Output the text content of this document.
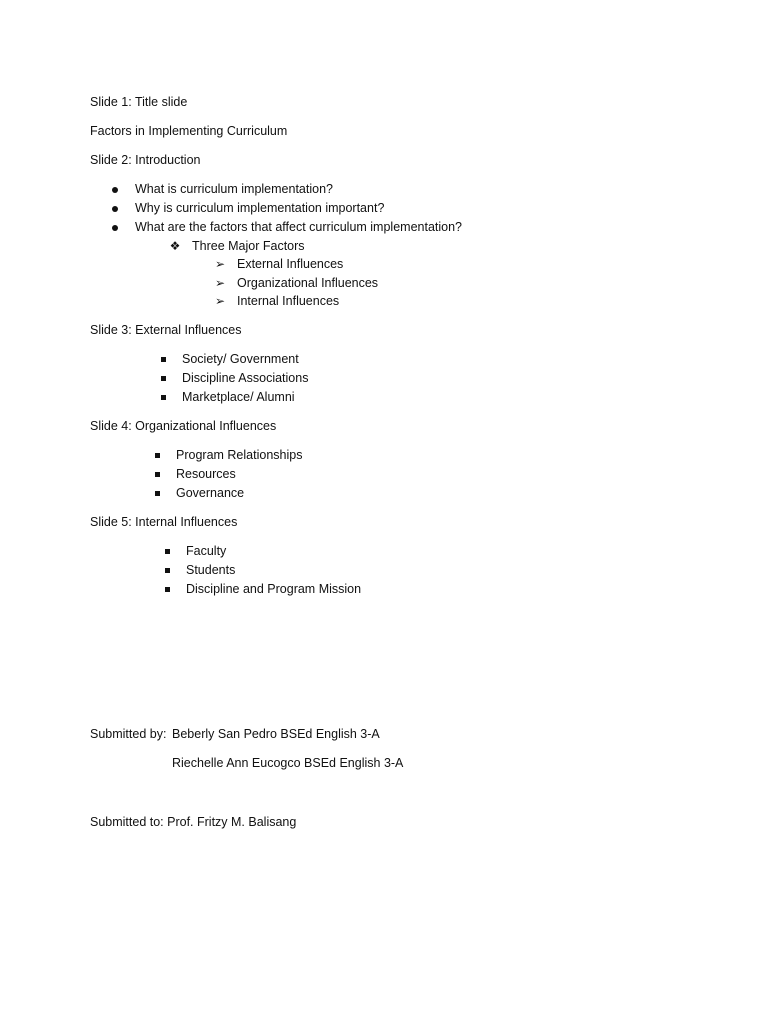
Slide 1: Title slide
Factors in Implementing Curriculum
Slide 2: Introduction
What is curriculum implementation?
Why is curriculum implementation important?
What are the factors that affect curriculum implementation?
❖ Three Major Factors
➢ External Influences
➢ Organizational Influences
➢ Internal Influences
Slide 3: External Influences
Society/ Government
Discipline Associations
Marketplace/ Alumni
Slide 4: Organizational Influences
Program Relationships
Resources
Governance
Slide 5: Internal Influences
Faculty
Students
Discipline and Program Mission
Submitted by: Beberly San Pedro BSEd English 3-A
Riechelle Ann Eucogco BSEd English 3-A
Submitted to: Prof. Fritzy M. Balisang
